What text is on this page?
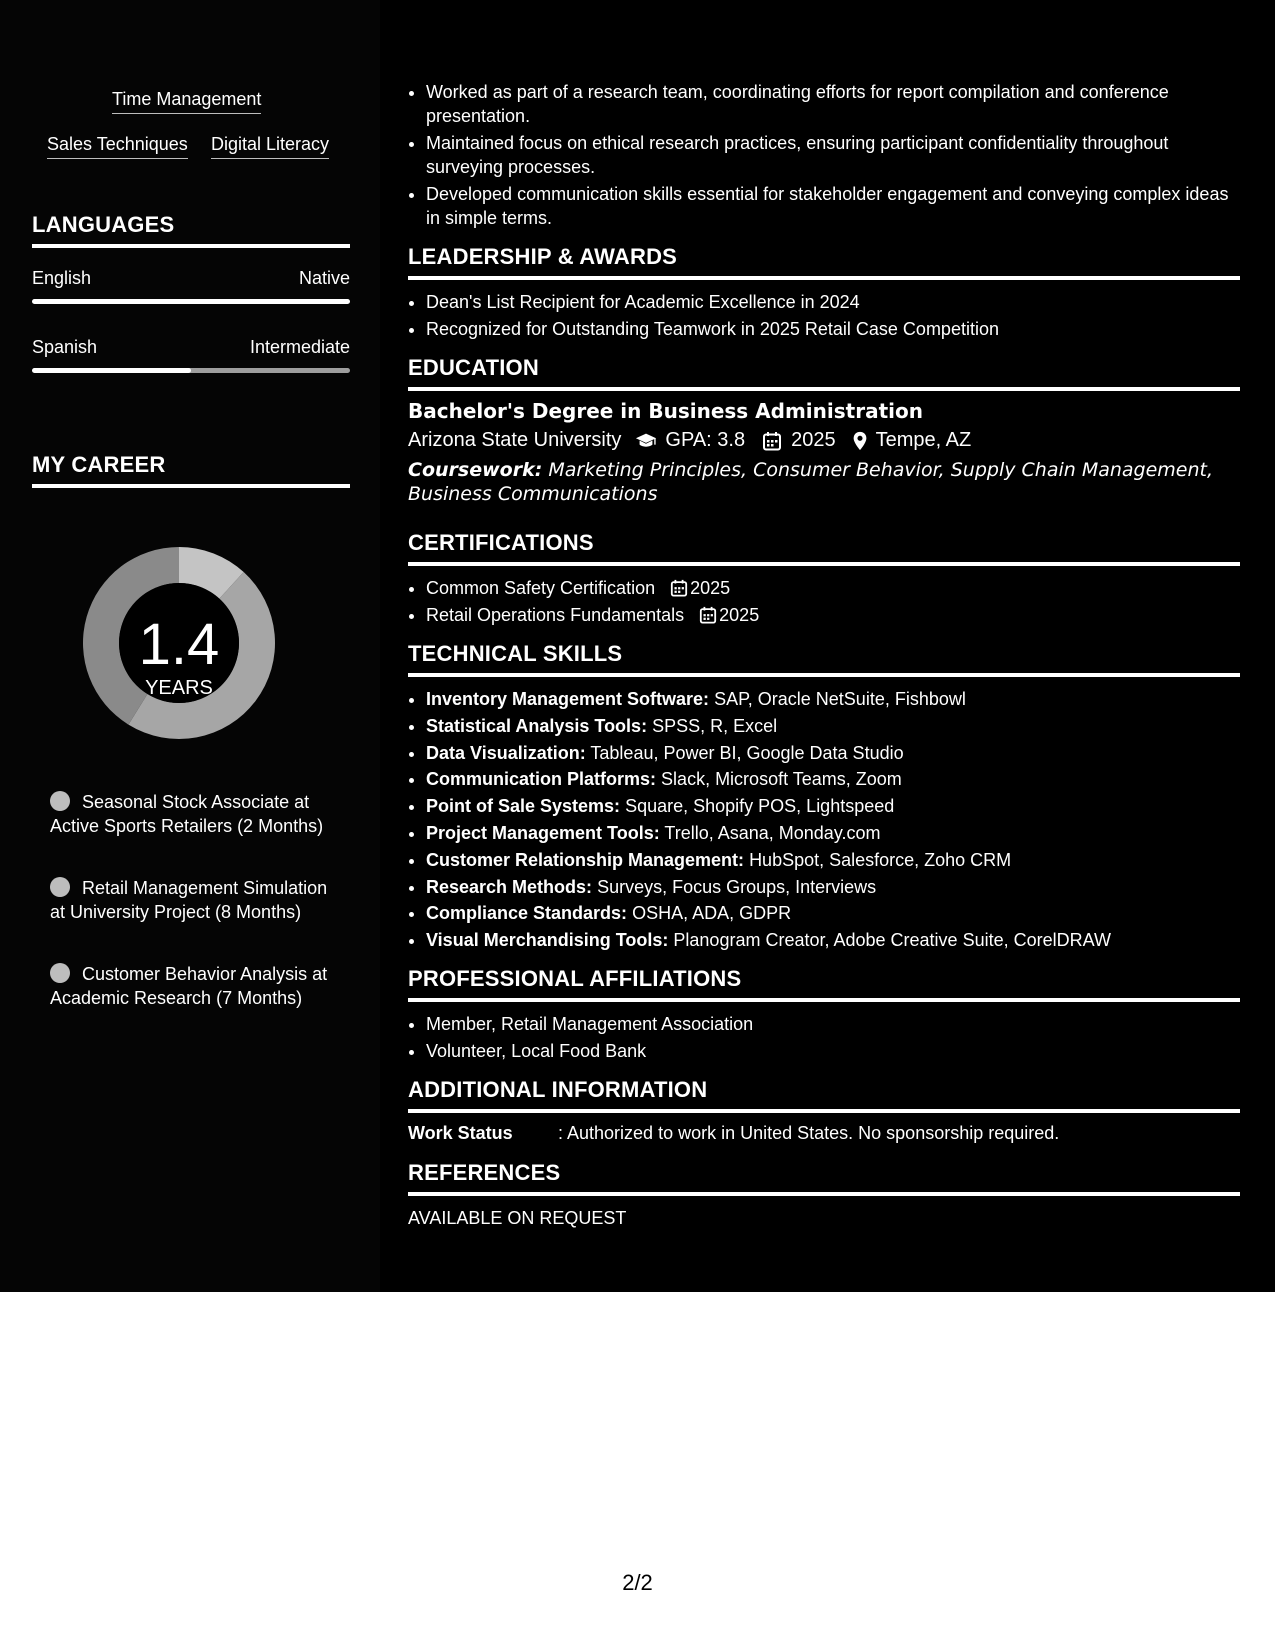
Time Management
Sales Techniques Digital Literacy
LANGUAGES
English	Native
Spanish	Intermediate
MY CAREER
1.4
YEARS
Seasonal Stock Associate at Active Sports Retailers (2 Months)
Retail Management Simulation at University Project (8 Months)
Customer Behavior Analysis at Academic Research (7 Months)
• Worked as part of a research team, coordinating efforts for report compilation and conference presentation.
• Maintained focus on ethical research practices, ensuring participant confidentiality throughout surveying processes.
• Developed communication skills essential for stakeholder engagement and conveying complex ideas in simple terms.
LEADERSHIP & AWARDS
• Dean's List Recipient for Academic Excellence in 2024
• Recognized for Outstanding Teamwork in 2025 Retail Case Competition
EDUCATION
Bachelor's Degree in Business Administration
Arizona State University GPA: 3.8 2025 Tempe, AZ
Coursework: Marketing Principles, Consumer Behavior, Supply Chain Management, Business Communications
CERTIFICATIONS
• Common Safety Certification 2025
• Retail Operations Fundamentals 2025
TECHNICAL SKILLS
• Inventory Management Software: SAP, Oracle NetSuite, Fishbowl
• Statistical Analysis Tools: SPSS, R, Excel
• Data Visualization: Tableau, Power BI, Google Data Studio
• Communication Platforms: Slack, Microsoft Teams, Zoom
• Point of Sale Systems: Square, Shopify POS, Lightspeed
• Project Management Tools: Trello, Asana, Monday.com
• Customer Relationship Management: HubSpot, Salesforce, Zoho CRM
• Research Methods: Surveys, Focus Groups, Interviews
• Compliance Standards: OSHA, ADA, GDPR
• Visual Merchandising Tools: Planogram Creator, Adobe Creative Suite, CorelDRAW
PROFESSIONAL AFFILIATIONS
• Member, Retail Management Association
• Volunteer, Local Food Bank
ADDITIONAL INFORMATION
Work Status	: Authorized to work in United States. No sponsorship required.
REFERENCES
AVAILABLE ON REQUEST
2/2
